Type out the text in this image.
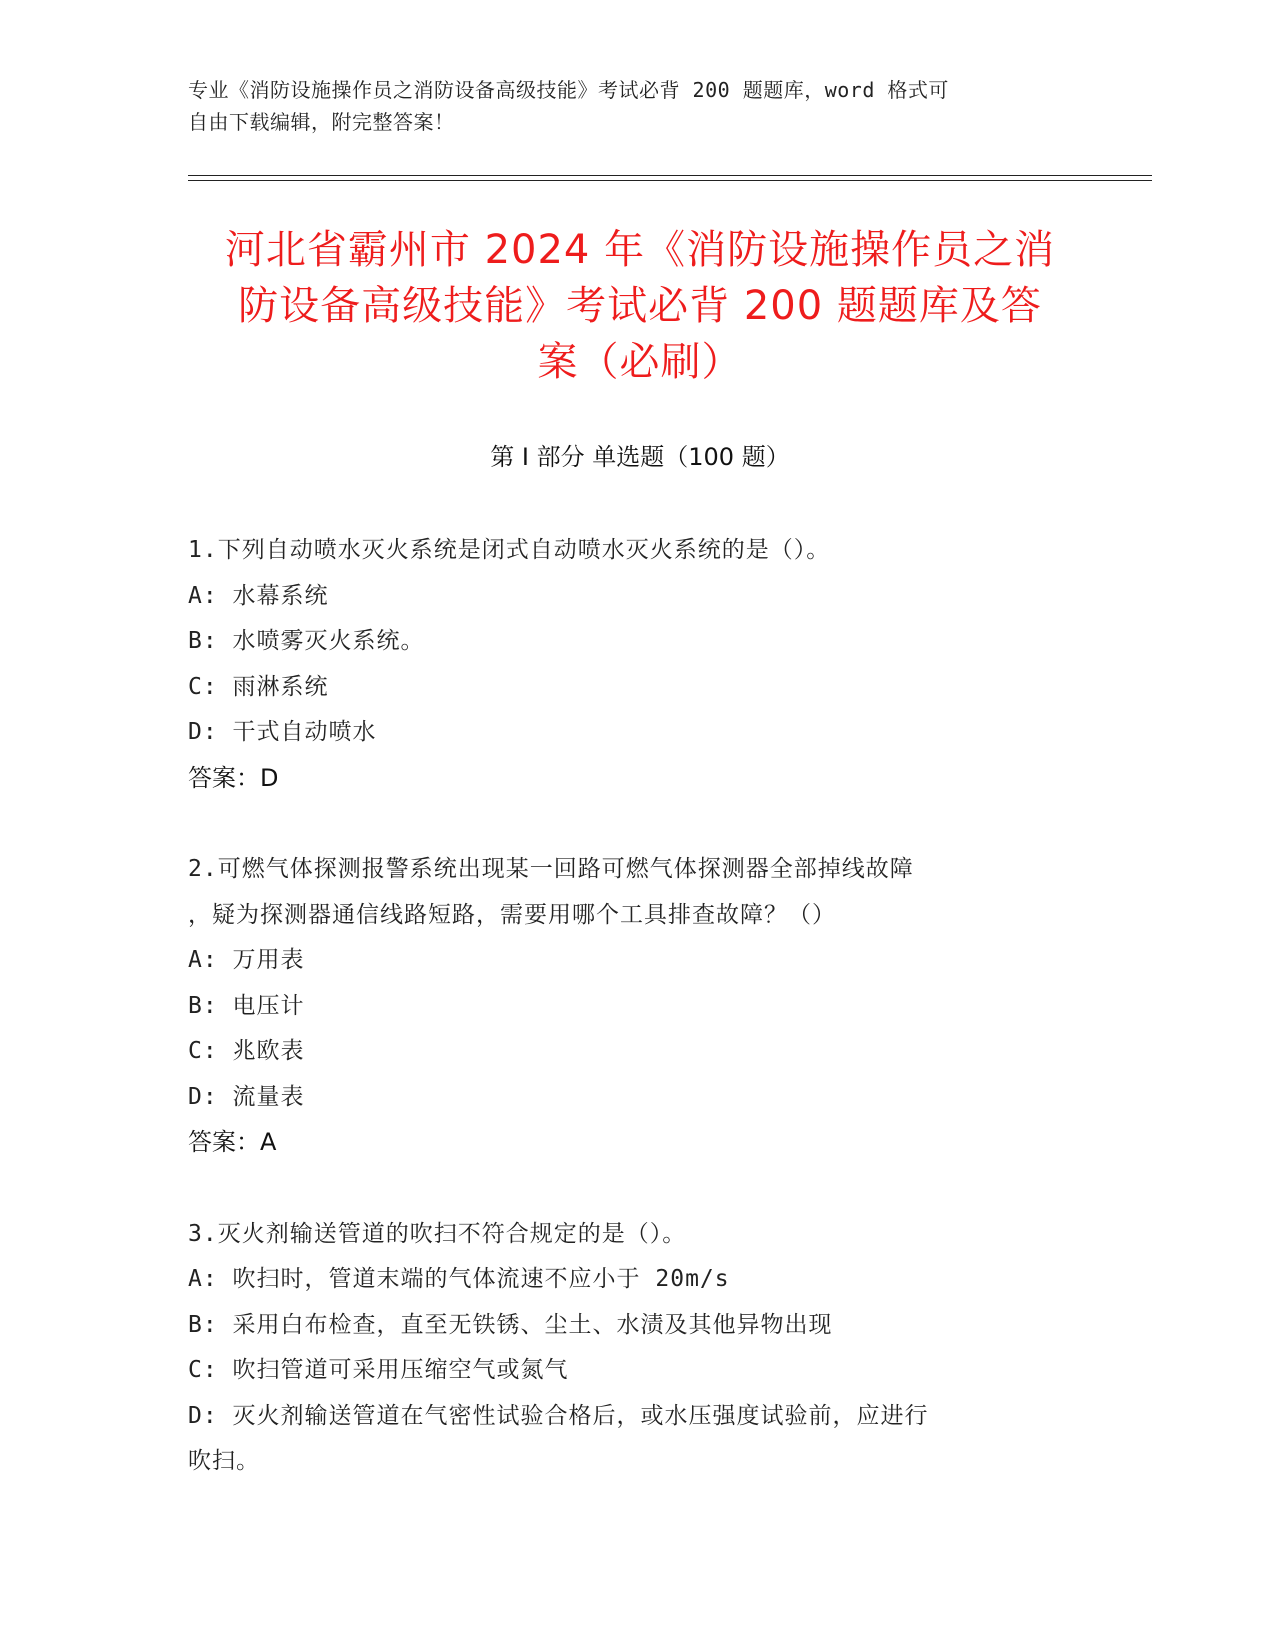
专业《消防设施操作员之消防设备高级技能》考试必背 200 题题库，word 格式可
自由下载编辑，附完整答案！
河北省霸州市 2024 年《消防设施操作员之消
防设备高级技能》考试必背 200 题题库及答
案（必刷）
第 I 部分 单选题（100 题）

1.下列自动喷水灭火系统是闭式自动喷水灭火系统的是（）。

A: 水幕系统

B: 水喷雾灭火系统。

C: 雨淋系统

D: 干式自动喷水

答案：D

2.可燃气体探测报警系统出现某一回路可燃气体探测器全部掉线故障

，疑为探测器通信线路短路，需要用哪个工具排查故障？（）

A: 万用表

B: 电压计

C: 兆欧表

D: 流量表

答案：A

3.灭火剂输送管道的吹扫不符合规定的是（）。

A: 吹扫时，管道末端的气体流速不应小于 20m/s

B: 采用白布检查，直至无铁锈、尘土、水渍及其他异物出现

C: 吹扫管道可采用压缩空气或氮气

D: 灭火剂输送管道在气密性试验合格后，或水压强度试验前，应进行

吹扫。
